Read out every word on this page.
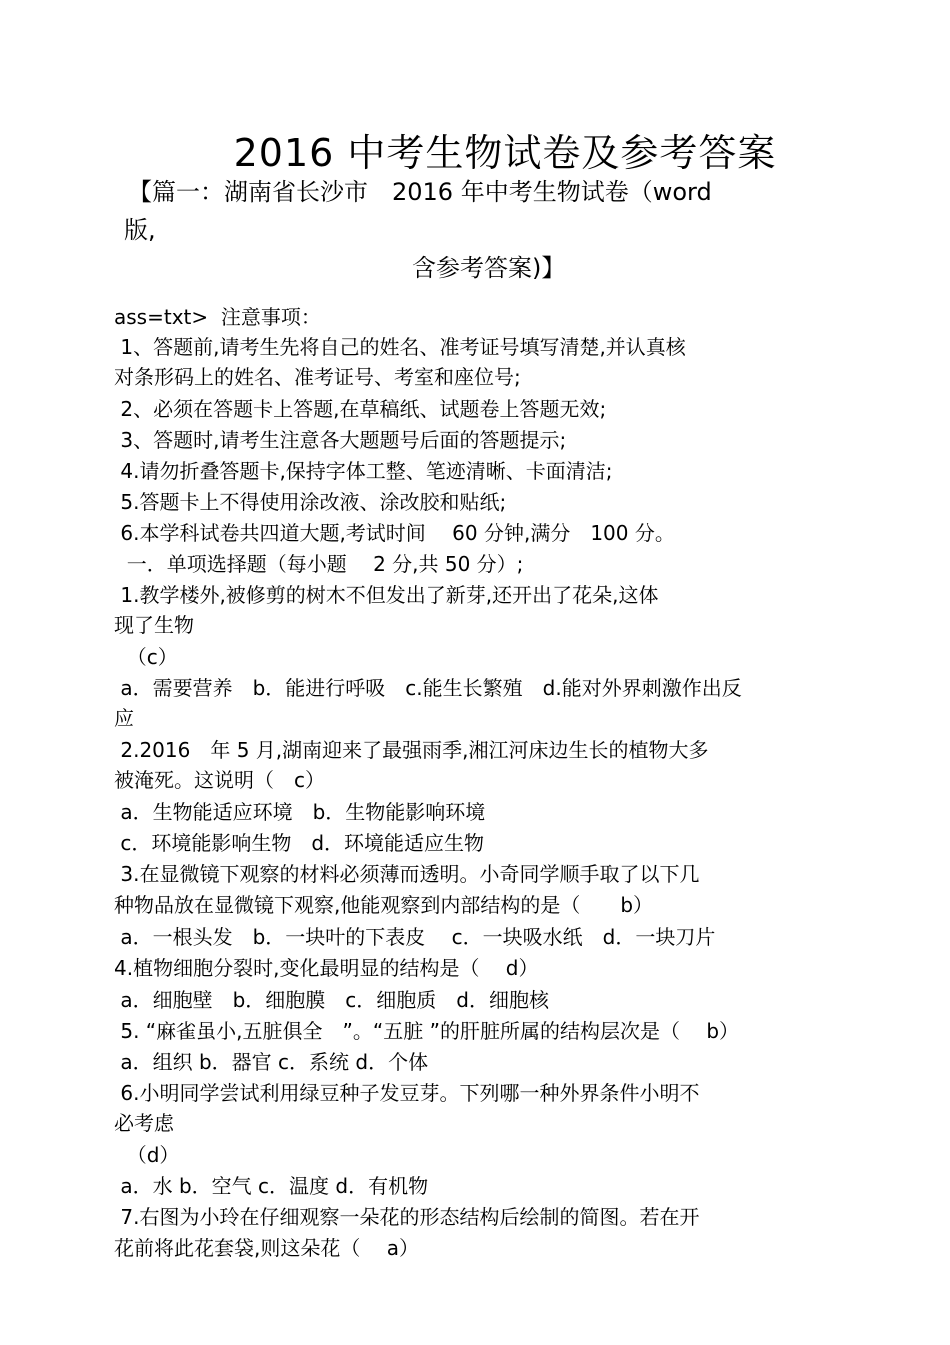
2016 中考生物试卷及参考答案
【篇一：湖南省长沙市　2016 年中考生物试卷（word
版,
含参考答案)】
ass=txt>  注意事项：
1、答题前,请考生先将自己的姓名、准考证号填写清楚,并认真核
对条形码上的姓名、准考证号、考室和座位号;
2、必须在答题卡上答题,在草稿纸、试题卷上答题无效;
3、答题时,请考生注意各大题题号后面的答题提示;
4.请勿折叠答题卡,保持字体工整、笔迹清晰、卡面清洁;
5.答题卡上不得使用涂改液、涂改胶和贴纸;
6.本学科试卷共四道大题,考试时间　 60 分钟,满分　100 分。
一．单项选择题（每小题　 2 分,共 50 分）;
1.教学楼外,被修剪的树木不但发出了新芽,还开出了花朵,这体
现了生物
（c）
a．需要营养　b．能进行呼吸　c.能生长繁殖　d.能对外界刺激作出反
应
2.2016　年 5 月,湖南迎来了最强雨季,湘江河床边生长的植物大多
被淹死。这说明（　c）
a．生物能适应环境　b．生物能影响环境
c．环境能影响生物　d．环境能适应生物
3.在显微镜下观察的材料必须薄而透明。小奇同学顺手取了以下几
种物品放在显微镜下观察,他能观察到内部结构的是（　　b）
a．一根头发　b．一块叶的下表皮　 c．一块吸水纸　d．一块刀片
4.植物细胞分裂时,变化最明显的结构是（　 d）
a．细胞壁　b．细胞膜　c．细胞质　d．细胞核
5. “麻雀虽小,五脏俱全　”。“五脏 ”的肝脏所属的结构层次是（　 b）
a．组织 b．器官 c．系统 d．个体
6.小明同学尝试利用绿豆种子发豆芽。下列哪一种外界条件小明不
必考虑
（d）
a．水 b．空气 c．温度 d．有机物
7.右图为小玲在仔细观察一朵花的形态结构后绘制的简图。若在开
花前将此花套袋,则这朵花（　 a）
